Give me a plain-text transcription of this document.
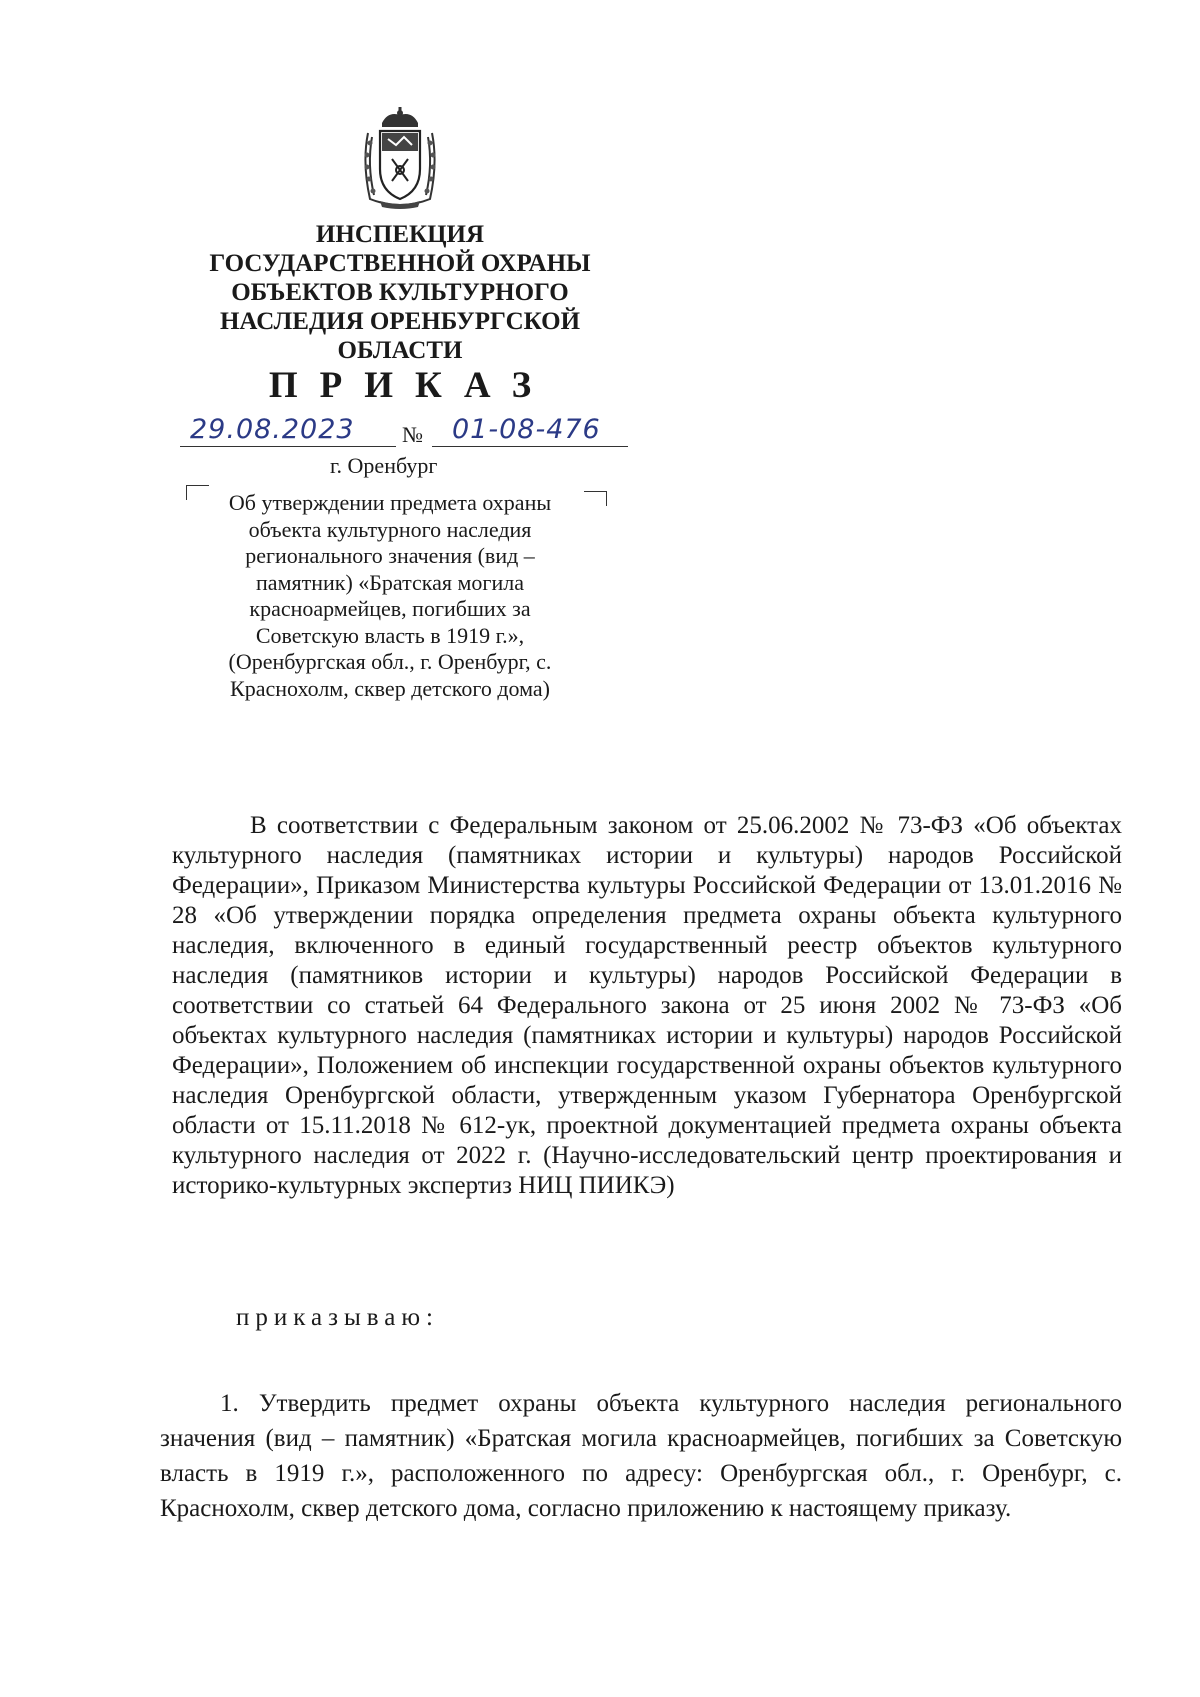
ИНСПЕКЦИЯ
ГОСУДАРСТВЕННОЙ ОХРАНЫ
ОБЪЕКТОВ КУЛЬТУРНОГО
НАСЛЕДИЯ ОРЕНБУРГСКОЙ
ОБЛАСТИ
ПРИКАЗ
29.08.2023 № 01-08-476
г. Оренбург
Об утверждении предмета охраны
объекта культурного наследия
регионального значения (вид –
памятник) «Братская могила
красноармейцев, погибших за
Советскую власть в 1919 г.»,
(Оренбургская обл., г. Оренбург, с.
Краснохолм, сквер детского дома)

В соответствии с Федеральным законом от 25.06.2002 № 73-ФЗ «Об объектах культурного наследия (памятниках истории и культуры) народов Российской Федерации», Приказом Министерства культуры Российской Федерации от 13.01.2016 № 28 «Об утверждении порядка определения предмета охраны объекта культурного наследия, включенного в единый государственный реестр объектов культурного наследия (памятников истории и культуры) народов Российской Федерации в соответствии со статьей 64 Федерального закона от 25 июня 2002 № 73-ФЗ «Об объектах культурного наследия (памятниках истории и культуры) народов Российской Федерации», Положением об инспекции государственной охраны объектов культурного наследия Оренбургской области, утвержденным указом Губернатора Оренбургской области от 15.11.2018 № 612-ук, проектной документацией предмета охраны объекта культурного наследия от 2022 г. (Научно-исследовательский центр проектирования и историко-культурных экспертиз НИЦ ПИИКЭ)

приказываю:

1. Утвердить предмет охраны объекта культурного наследия регионального значения (вид – памятник) «Братская могила красноармейцев, погибших за Советскую власть в 1919 г.», расположенного по адресу: Оренбургская обл., г. Оренбург, с. Краснохолм, сквер детского дома, согласно приложению к настоящему приказу.
